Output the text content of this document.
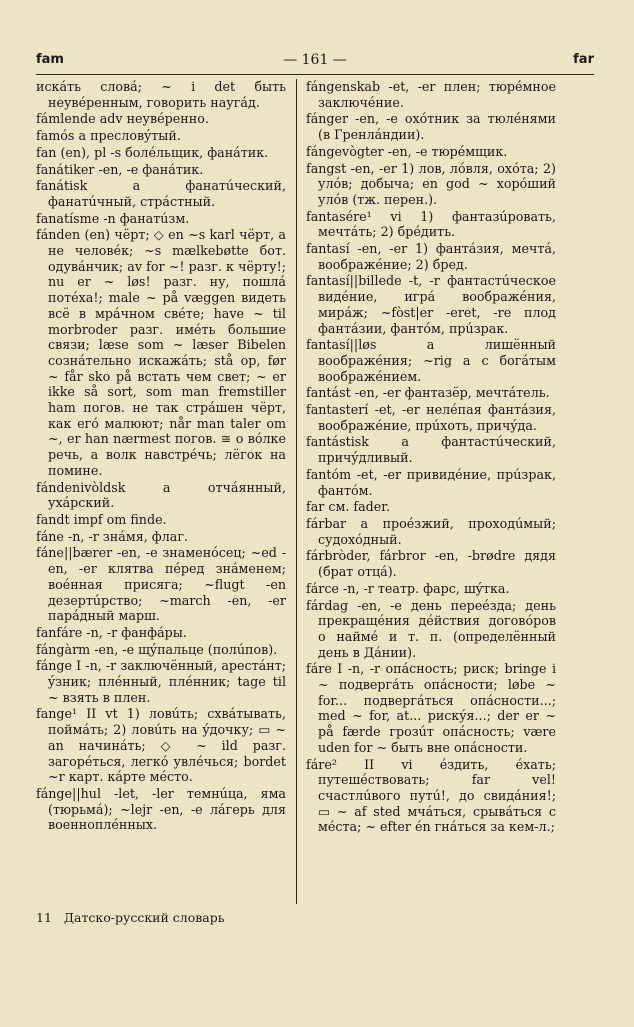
fam	— 161 —	far

искáть словá; ~ i det быть неувéренным, говорить наугáд.

fámlende adv неувéренно.

famós a пресловýтый.

fan (en), pl -s болéльщик, фанáтик.

fanátiker -en, -e фанáтик.

fanátisk a фанатúческий, фанатúчный, стрáстный.

fanatísme -n фанатúзм.

fánden (en) чёрт; ◇ en ~s karl чёрт, а не человéк; ~s mælkebøtte бот. одувáнчик; av for ~! разг. к чёрту!; nu er ~ løs! разг. ну, пошлá потéха!; male ~ på væggen видеть всё в мрáчном свéте; have ~ til morbroder разг. имéть большие связи; læse som ~ læser Bibelen сознáтельно искажáть; stå op, før ~ får sko på встать чем свет; ~ er ikke så sort, som man fremstiller ham погов. не так стрáшен чёрт, как егó малюют; når man taler om ~, er han nærmest погов. ≅ о вóлке речь, а волк навстрéчь; лёгок на помине.

fándenivòldsk a отчáянный, ухáрский.

fandt impf om finde.

fáne -n, -r знáмя, флаг.

fáne||bærer -en, -e знаменóсец; ~ed -en, -er клятва пéред знáменем; воéнная присяга; ~flugt -en дезертúрство; ~march -en, -er парáдный марш.

fanfáre -n, -r фанфáры.

fángàrm -en, -e щýпальце (полúпов).

fánge I -n, -r заключённый, арестáнт; ýзник; плéнный, плéнник; tage til ~ взять в плен.

fange¹ II vt 1) ловúть; схвáтывать, поймáть; 2) ловúть на ýдочку; ▭ ~ an начинáть; ◇ ~ ild разг. загорéться, легкó увлéчься; bordet ~r карт. кáрте мéсто.

fánge||hul -let, -ler темнúца, яма (тюрьмá); ~lejr -en, -e лáгерь для военноплéнных.

fángenskab -et, -er плен; тюрéмное заключéние.

fánger -en, -e охóтник за тюлéнями (в Гренлáндии).

fángevògter -en, -e тюрéмщик.

fangst -en, -er 1) лов, лóвля, охóта; 2) улóв; добыча; en god ~ хорóший улóв (тж. перен.).

fantasére¹ vi 1) фантазúровать, мечтáть; 2) брéдить.

fantasí -en, -er 1) фантáзия, мечтá, воображéние; 2) бред.

fantasí||billede -t, -r фантастúческое видéние, игрá воображéния, мирáж; ~fòst|er -eret, -re плод фантáзии, фантóм, прúзрак.

fantasí||løs a лишённый воображéния; ~rig a с богáтым воображéнием.

fantást -en, -er фантазёр, мечтáтель.

fantasterí -et, -er нелéпая фантáзия, воображéние, прúхоть, причýда.

fantástisk a фантастúческий, причýдливый.

fantóm -et, -er привидéние, прúзрак, фантóм.

far см. fader.

fárbar a проéзжий, проходúмый; судохóдный.

fárbròder, fárbror -en, -brødre дядя (брат отцá).

fárce -n, -r театр. фарс, шýтка.

fárdag -en, -e день переéзда; день прекращéния дéйствия договóров о наймé и т. п. (определённый день в Дáнии).

fáre I -n, -r опáсность; риск; bringe i ~ подвергáть опáсности; løbe ~ for... подвергáться опáсности...; med ~ for, at... рискýя...; der er ~ på færde грозúт опáсность; være uden for ~ быть вне опáсности.

fáre² II vi éздить, éхать; путешéствовать; far vel! счастлúвого путú!, до свидáния!; ▭ ~ af sted мчáться, срывáться с мéста; ~ efter én гнáться за кем-л.;

11 Датско-русский словарь
